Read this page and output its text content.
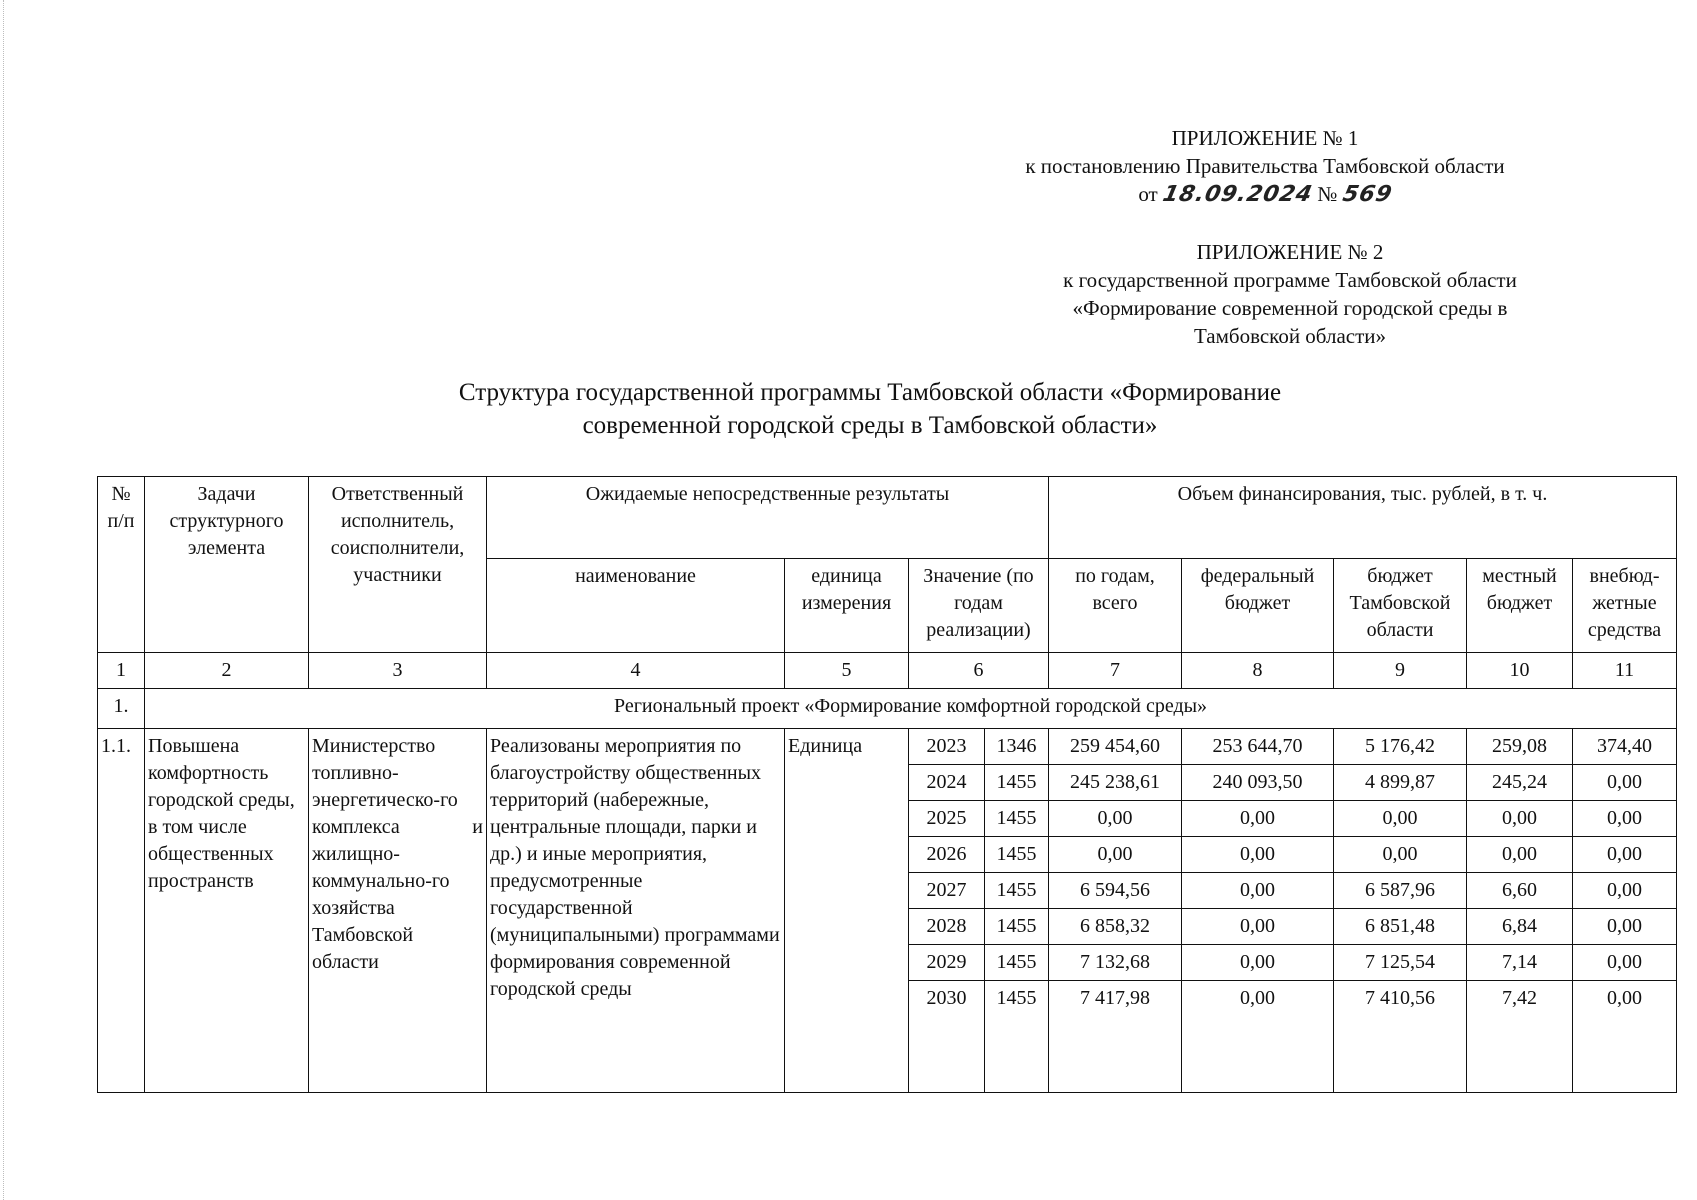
ПРИЛОЖЕНИЕ № 1
к постановлению Правительства Тамбовской области
от 18.09.2024 № 569
ПРИЛОЖЕНИЕ № 2
к государственной программе Тамбовской области
«Формирование современной городской среды в
Тамбовской области»
Структура государственной программы Тамбовской области «Формирование
современной городской среды в Тамбовской области»
№ п/п	Задачи структурного элемента	Ответственный исполнитель, соисполнители, участники	Ожидаемые непосредственные результаты				Объем финансирования, тыс. рублей, в т. ч.				
			наименование	единица измерения	Значение (по годам реализации)		по годам, всего	федеральный бюджет	бюджет Тамбовской области	местный бюджет	внебюд-жетные средства
1	2	3	4	5	6		7	8	9	10	11
1.	Региональный проект «Формирование комфортной городской среды»										
1.1.	Повышена комфортность городской среды, в том числе общественных пространств	Министерство топливно-энергетическо-го комплекса и жилищно-коммунально-го хозяйства Тамбовской области	Реализованы мероприятия по благоустройству общественных территорий (набережные, центральные площади, парки и др.) и иные мероприятия, предусмотренные государственной (муниципалыными) программами формирования современной городской среды	Единица	2023	1346	259 454,60	253 644,70	5 176,42	259,08	374,40
					2024	1455	245 238,61	240 093,50	4 899,87	245,24	0,00
					2025	1455	0,00	0,00	0,00	0,00	0,00
					2026	1455	0,00	0,00	0,00	0,00	0,00
					2027	1455	6 594,56	0,00	6 587,96	6,60	0,00
					2028	1455	6 858,32	0,00	6 851,48	6,84	0,00
					2029	1455	7 132,68	0,00	7 125,54	7,14	0,00
					2030	1455	7 417,98	0,00	7 410,56	7,42	0,00
